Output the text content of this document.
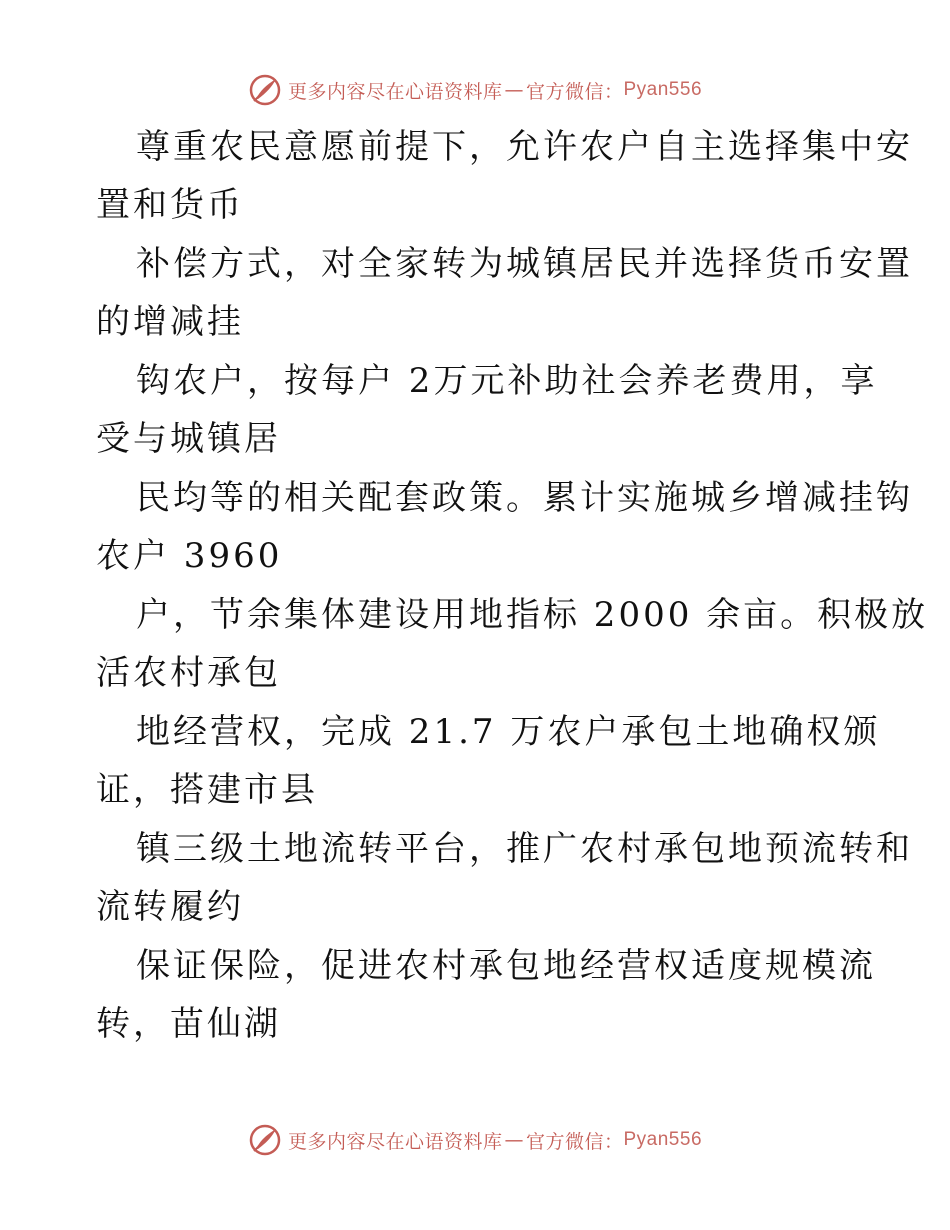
更多内容尽在心语资料库 — 官方微信： Pyan556
尊重农民意愿前提下，允许农户自主选择集中安
置和货币
补偿方式，对全家转为城镇居民并选择货币安置
的增减挂
钩农户，按每户 2万元补助社会养老费用，享
受与城镇居
民均等的相关配套政策。累计实施城乡增减挂钩
农户 3960
户，节余集体建设用地指标 2000 余亩。积极放
活农村承包
地经营权，完成 21.7 万农户承包土地确权颁
证，搭建市县
镇三级土地流转平台，推广农村承包地预流转和
流转履约
保证保险，促进农村承包地经营权适度规模流
转，苗仙湖
更多内容尽在心语资料库 — 官方微信： Pyan556
